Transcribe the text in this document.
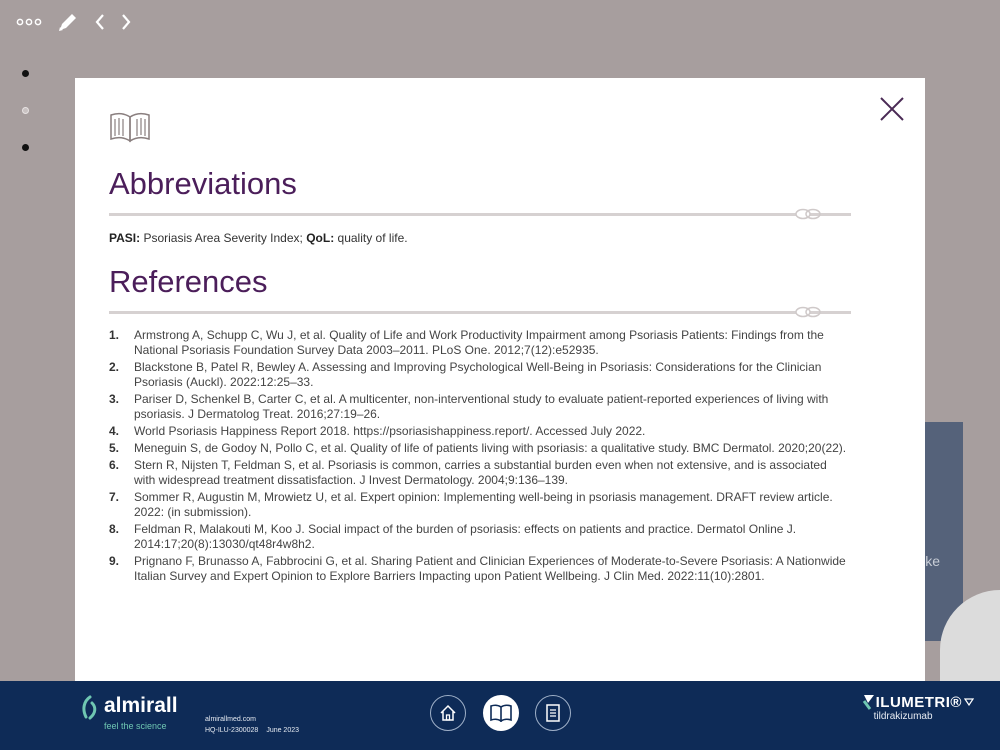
ke
Abbreviations
PASI: Psoriasis Area Severity Index; QoL: quality of life.
References
1.	Armstrong A, Schupp C, Wu J, et al. Quality of Life and Work Productivity Impairment among Psoriasis Patients: Findings from the National Psoriasis Foundation Survey Data 2003–2011. PLoS One. 2012;7(12):e52935.
2.	Blackstone B, Patel R, Bewley A. Assessing and Improving Psychological Well-Being in Psoriasis: Considerations for the Clinician Psoriasis (Auckl). 2022:12:25–33.
3.	Pariser D, Schenkel B, Carter C, et al. A multicenter, non-interventional study to evaluate patient-reported experiences of living with psoriasis. J Dermatolog Treat. 2016;27:19–26.
4.	World Psoriasis Happiness Report 2018. https://psoriasishappiness.report/. Accessed July 2022.
5.	Meneguin S, de Godoy N, Pollo C, et al. Quality of life of patients living with psoriasis: a qualitative study. BMC Dermatol. 2020;20(22).
6.	Stern R, Nijsten T, Feldman S, et al. Psoriasis is common, carries a substantial burden even when not extensive, and is associated with widespread treatment dissatisfaction. J Invest Dermatology. 2004;9:136–139.
7.	Sommer R, Augustin M, Mrowietz U, et al. Expert opinion: Implementing well-being in psoriasis management. DRAFT review article. 2022: (in submission).
8.	Feldman R, Malakouti M, Koo J. Social impact of the burden of psoriasis: effects on patients and practice. Dermatol Online J. 2014:17;20(8):13030/qt48r4w8h2.
9.	Prignano F, Brunasso A, Fabbrocini G, et al. Sharing Patient and Clinician Experiences of Moderate-to-Severe Psoriasis: A Nationwide Italian Survey and Expert Opinion to Explore Barriers Impacting upon Patient Wellbeing. J Clin Med. 2022:11(10):2801.
almirall
feel the science
almirallmed.com
HQ-ILU-2300028 June 2023
ILUMETRI®
tildrakizumab
